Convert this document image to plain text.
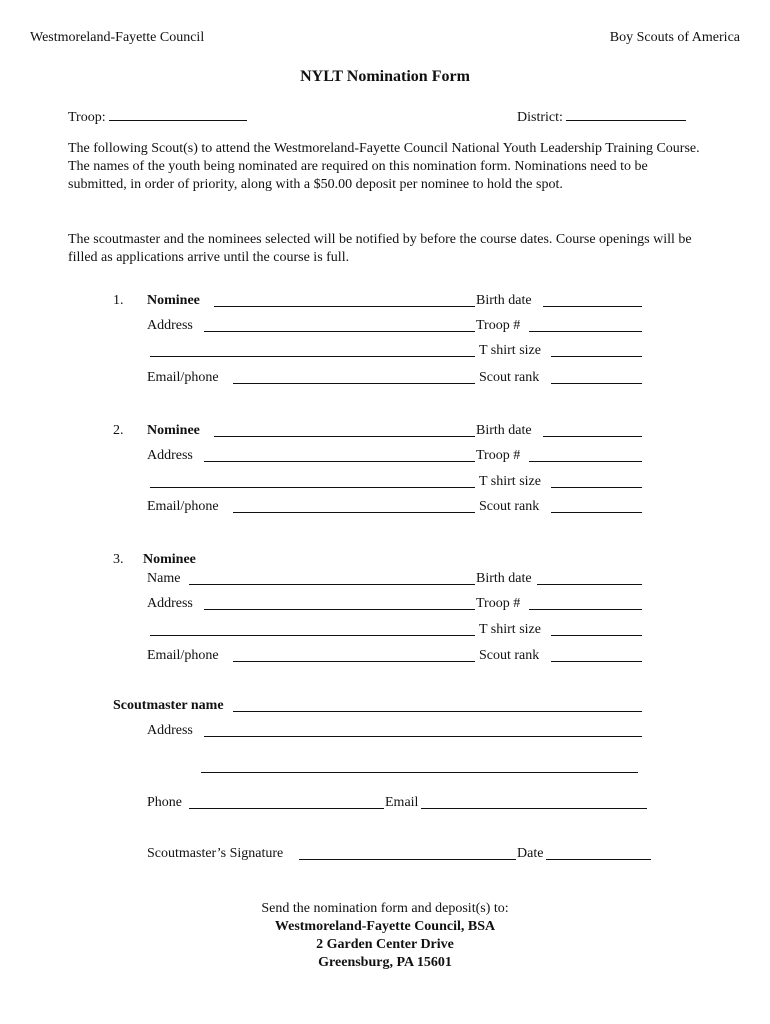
Westmoreland-Fayette Council	Boy Scouts of America
NYLT Nomination Form
Troop:	District:
The following Scout(s) to attend the Westmoreland-Fayette Council National Youth Leadership Training Course. The names of the youth being nominated are required on this nomination form. Nominations need to be submitted, in order of priority, along with a $50.00 deposit per nominee to hold the spot.
The scoutmaster and the nominees selected will be notified by before the course dates. Course openings will be filled as applications arrive until the course is full.
1. Nominee	Birth date
Address	Troop #
T shirt size
Email/phone	Scout rank
2. Nominee	Birth date
Address	Troop #
T shirt size
Email/phone	Scout rank
3. Nominee
Name	Birth date
Address	Troop #
T shirt size
Email/phone	Scout rank
Scoutmaster name
Address
Phone	Email
Scoutmaster’s Signature	Date
Send the nomination form and deposit(s) to:
Westmoreland-Fayette Council, BSA
2 Garden Center Drive
Greensburg, PA 15601
